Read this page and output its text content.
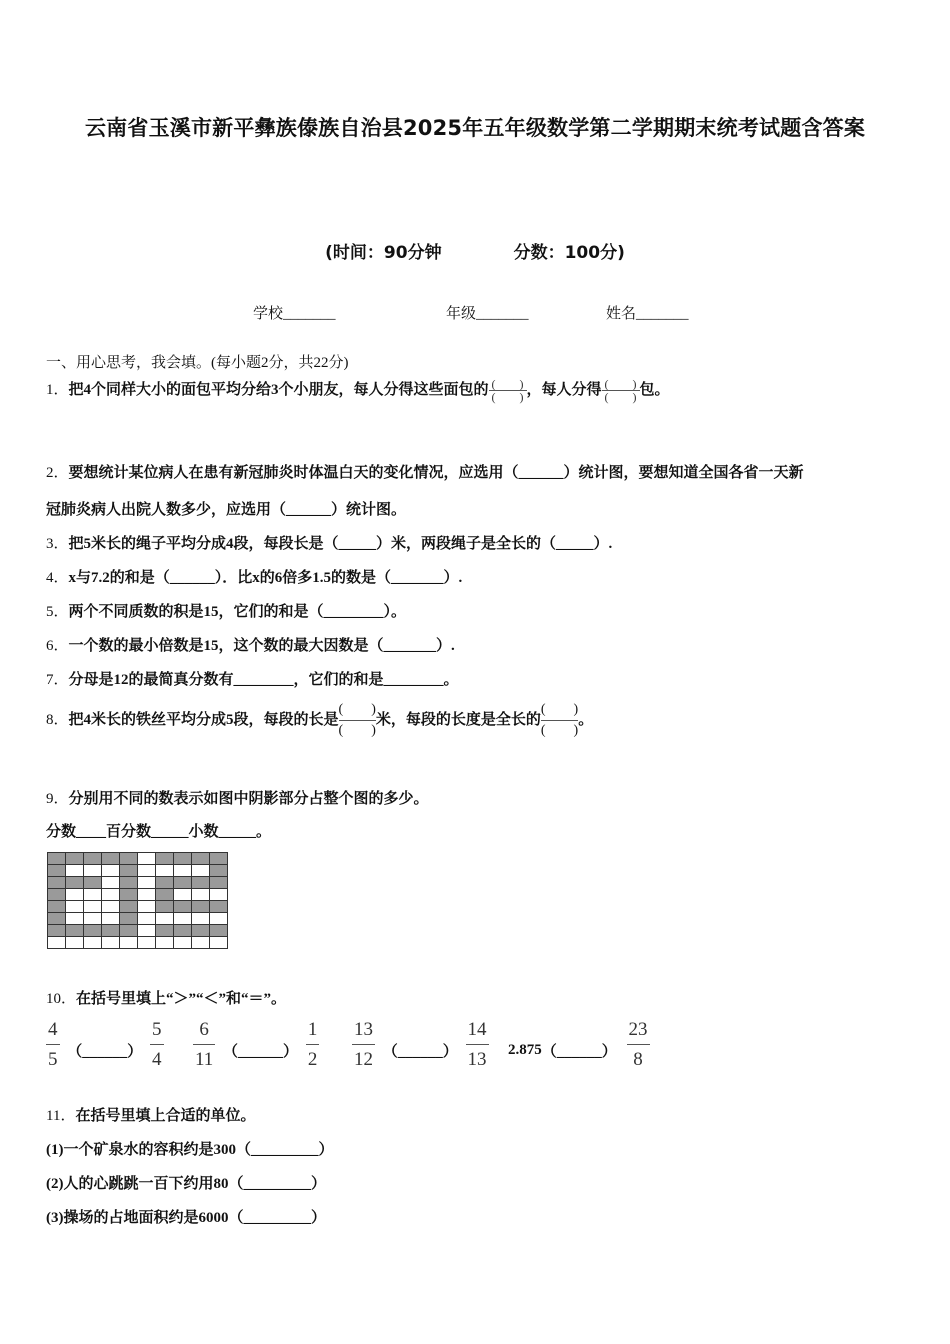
云南省玉溪市新平彝族傣族自治县2025年五年级数学第二学期期末统考试题含答案
(时间：90分钟	分数：100分)
学校_______	年级_______	姓名_______
一、用心思考，我会填。(每小题2分，共22分)
1．把4个同样大小的面包平均分给3个小朋友，每人分得这些面包的 $\frac{( )}{( )}$ ，每人分得 $\frac{( )}{( )}$ 包。
2．要想统计某位病人在患有新冠肺炎时体温白天的变化情况，应选用（______）统计图，要想知道全国各省一天新
冠肺炎病人出院人数多少，应选用（______）统计图。
3．把5米长的绳子平均分成4段，每段长是（_____）米，两段绳子是全长的（_____）.
4．x与7.2的和是（______）．比x的6倍多1.5的数是（_______）.
5．两个不同质数的积是15，它们的和是（________）。
6．一个数的最小倍数是15，这个数的最大因数是（_______）.
7．分母是12的最简真分数有________，它们的和是________。
8．把4米长的铁丝平均分成5段，每段的长是 $\frac{( )}{( )}$ 米，每段的长度是全长的 $\frac{( )}{( )}$ 。
9．分别用不同的数表示如图中阴影部分占整个图的多少。
分数____百分数_____小数_____。

10．在括号里填上“＞”“＜”和“＝”。
$\frac{4}{5}$ （______） $\frac{5}{4} \frac{6}{11}$ （______） $\frac{1}{2} \frac{13}{12}$ （______） $\frac{14}{13}$ 2.875（______） $\frac{23}{8}$
11．在括号里填上合适的单位。
(1)一个矿泉水的容积约是300（_________）
(2)人的心跳跳一百下约用80（_________）
(3)操场的占地面积约是6000（_________）
